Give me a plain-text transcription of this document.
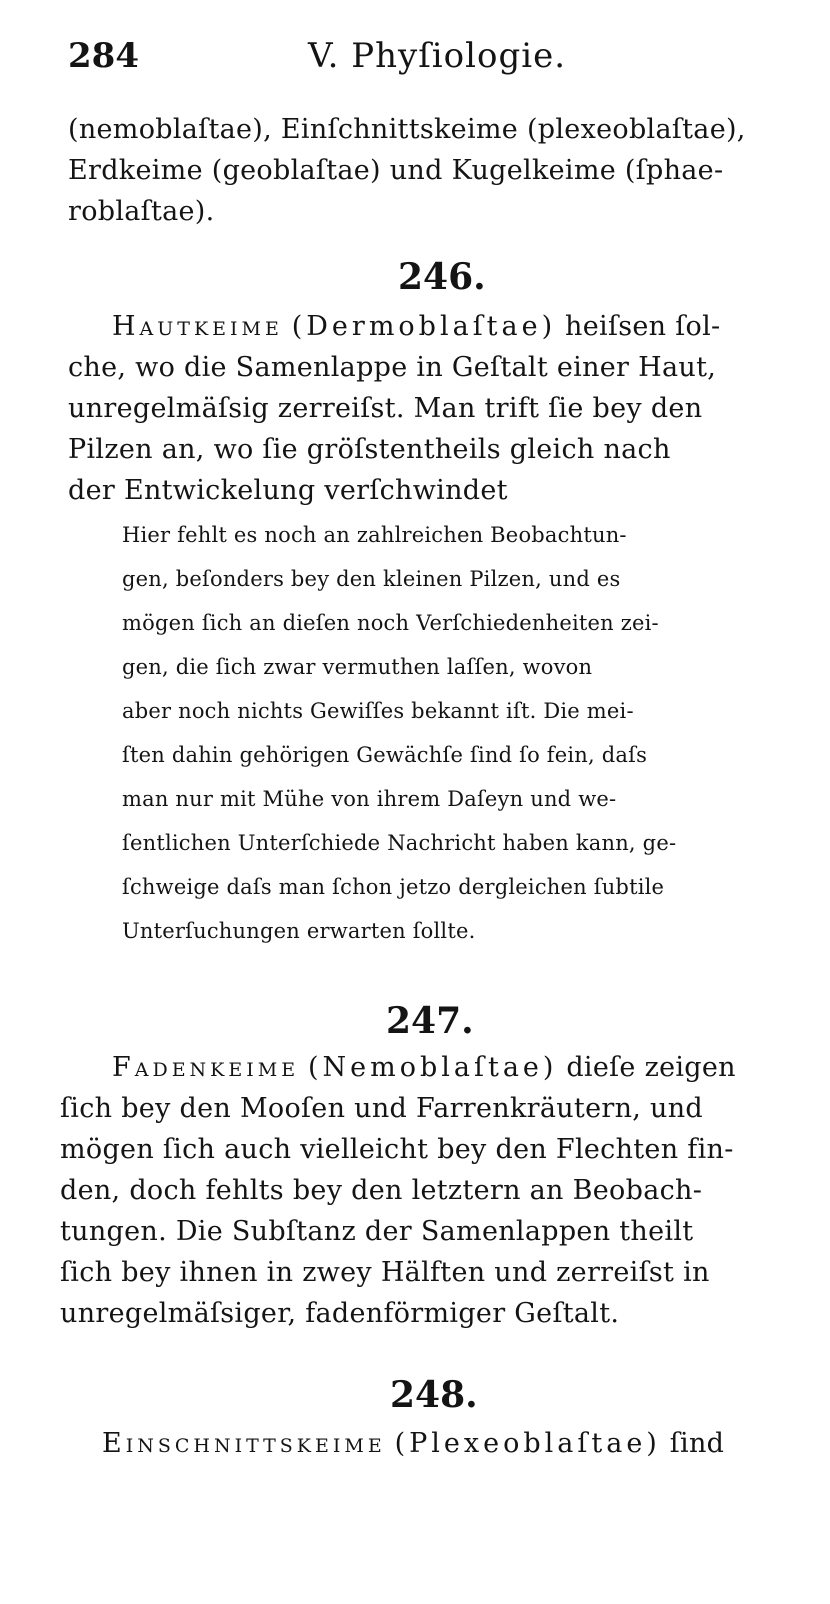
284	V. Phyſiologie.
(nemoblaſtae), Einſchnittskeime (plexeoblaſtae),
Erdkeime (geoblaſtae) und Kugelkeime (ſphae-
roblaſtae).
246.
Hautkeime (Dermoblaſtae) heiſsen ſol-
che, wo die Samenlappe in Geſtalt einer Haut,
unregelmäſsig zerreiſst. Man trift ſie bey den
Pilzen an, wo ſie gröſstentheils gleich nach
der Entwickelung verſchwindet
Hier fehlt es noch an zahlreichen Beobachtun-
gen, beſonders bey den kleinen Pilzen, und es
mögen ſich an dieſen noch Verſchiedenheiten zei-
gen, die ſich zwar vermuthen laſſen, wovon
aber noch nichts Gewiſſes bekannt iſt. Die mei-
ſten dahin gehörigen Gewächſe ſind ſo fein, daſs
man nur mit Mühe von ihrem Daſeyn und we-
ſentlichen Unterſchiede Nachricht haben kann, ge-
ſchweige daſs man ſchon jetzo dergleichen ſubtile
Unterſuchungen erwarten ſollte.
247.
Fadenkeime (Nemoblaſtae) dieſe zeigen
ſich bey den Mooſen und Farrenkräutern, und
mögen ſich auch vielleicht bey den Flechten fin-
den, doch fehlts bey den letztern an Beobach-
tungen. Die Subſtanz der Samenlappen theilt
ſich bey ihnen in zwey Hälften und zerreiſst in
unregelmäſsiger, fadenförmiger Geſtalt.
248.
Einschnittskeime (Plexeoblaſtae) ſind
